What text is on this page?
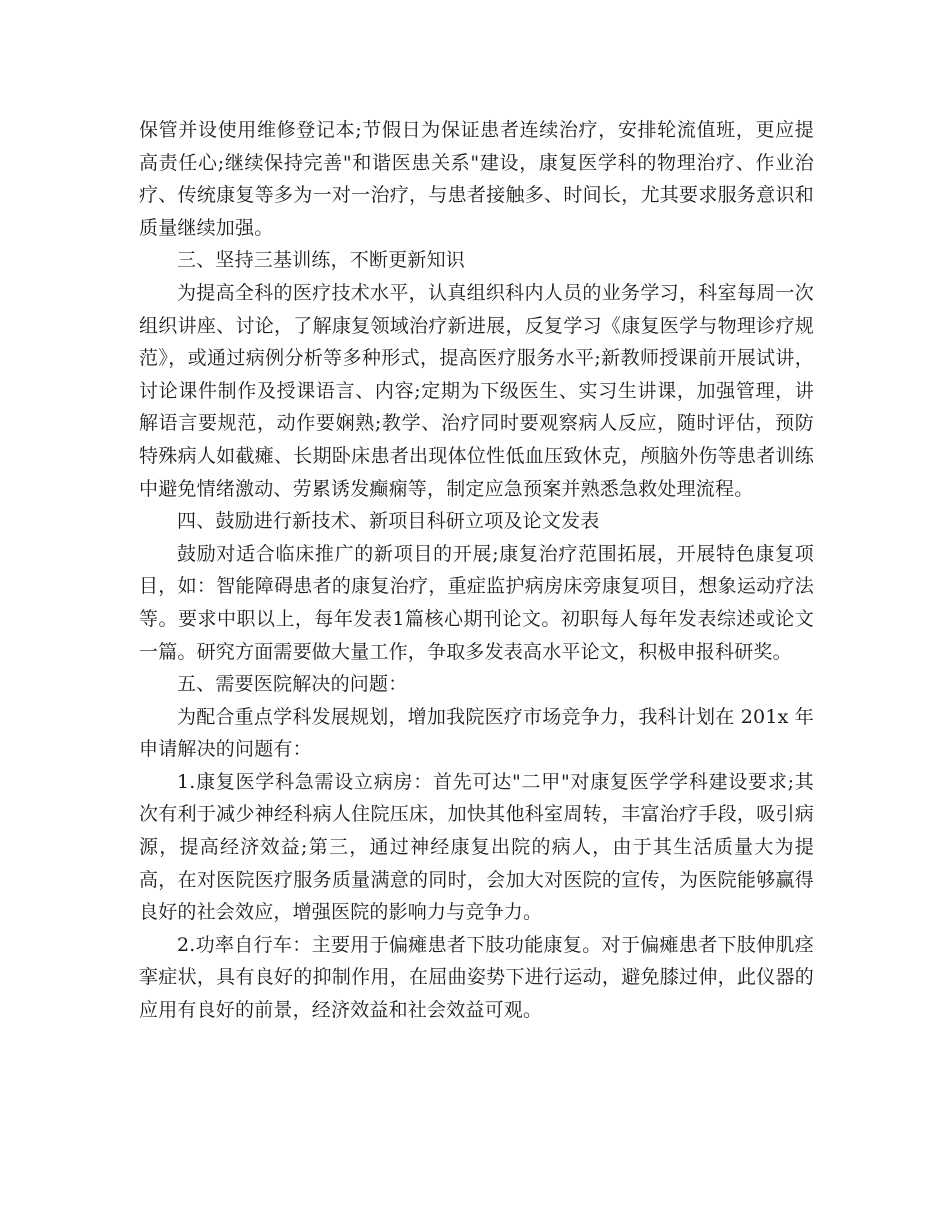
保管并设使用维修登记本;节假日为保证患者连续治疗，安排轮流值班，更应提高责任心;继续保持完善"和谐医患关系"建设，康复医学科的物理治疗、作业治疗、传统康复等多为一对一治疗，与患者接触多、时间长，尤其要求服务意识和质量继续加强。

三、坚持三基训练，不断更新知识

为提高全科的医疗技术水平，认真组织科内人员的业务学习，科室每周一次组织讲座、讨论，了解康复领域治疗新进展，反复学习《康复医学与物理诊疗规范》，或通过病例分析等多种形式，提高医疗服务水平;新教师授课前开展试讲，讨论课件制作及授课语言、内容;定期为下级医生、实习生讲课，加强管理，讲解语言要规范，动作要娴熟;教学、治疗同时要观察病人反应，随时评估，预防特殊病人如截瘫、长期卧床患者出现体位性低血压致休克，颅脑外伤等患者训练中避免情绪激动、劳累诱发癫痫等，制定应急预案并熟悉急救处理流程。

四、鼓励进行新技术、新项目科研立项及论文发表

鼓励对适合临床推广的新项目的开展;康复治疗范围拓展，开展特色康复项目，如：智能障碍患者的康复治疗，重症监护病房床旁康复项目，想象运动疗法等。要求中职以上，每年发表1篇核心期刊论文。初职每人每年发表综述或论文一篇。研究方面需要做大量工作，争取多发表高水平论文，积极申报科研奖。

五、需要医院解决的问题：

为配合重点学科发展规划，增加我院医疗市场竞争力，我科计划在 201x 年申请解决的问题有：

1.康复医学科急需设立病房：首先可达"二甲"对康复医学学科建设要求;其次有利于减少神经科病人住院压床，加快其他科室周转，丰富治疗手段，吸引病源，提高经济效益;第三，通过神经康复出院的病人，由于其生活质量大为提高，在对医院医疗服务质量满意的同时，会加大对医院的宣传，为医院能够赢得良好的社会效应，增强医院的影响力与竞争力。

2.功率自行车：主要用于偏瘫患者下肢功能康复。对于偏瘫患者下肢伸肌痉挛症状，具有良好的抑制作用，在屈曲姿势下进行运动，避免膝过伸，此仪器的应用有良好的前景，经济效益和社会效益可观。
